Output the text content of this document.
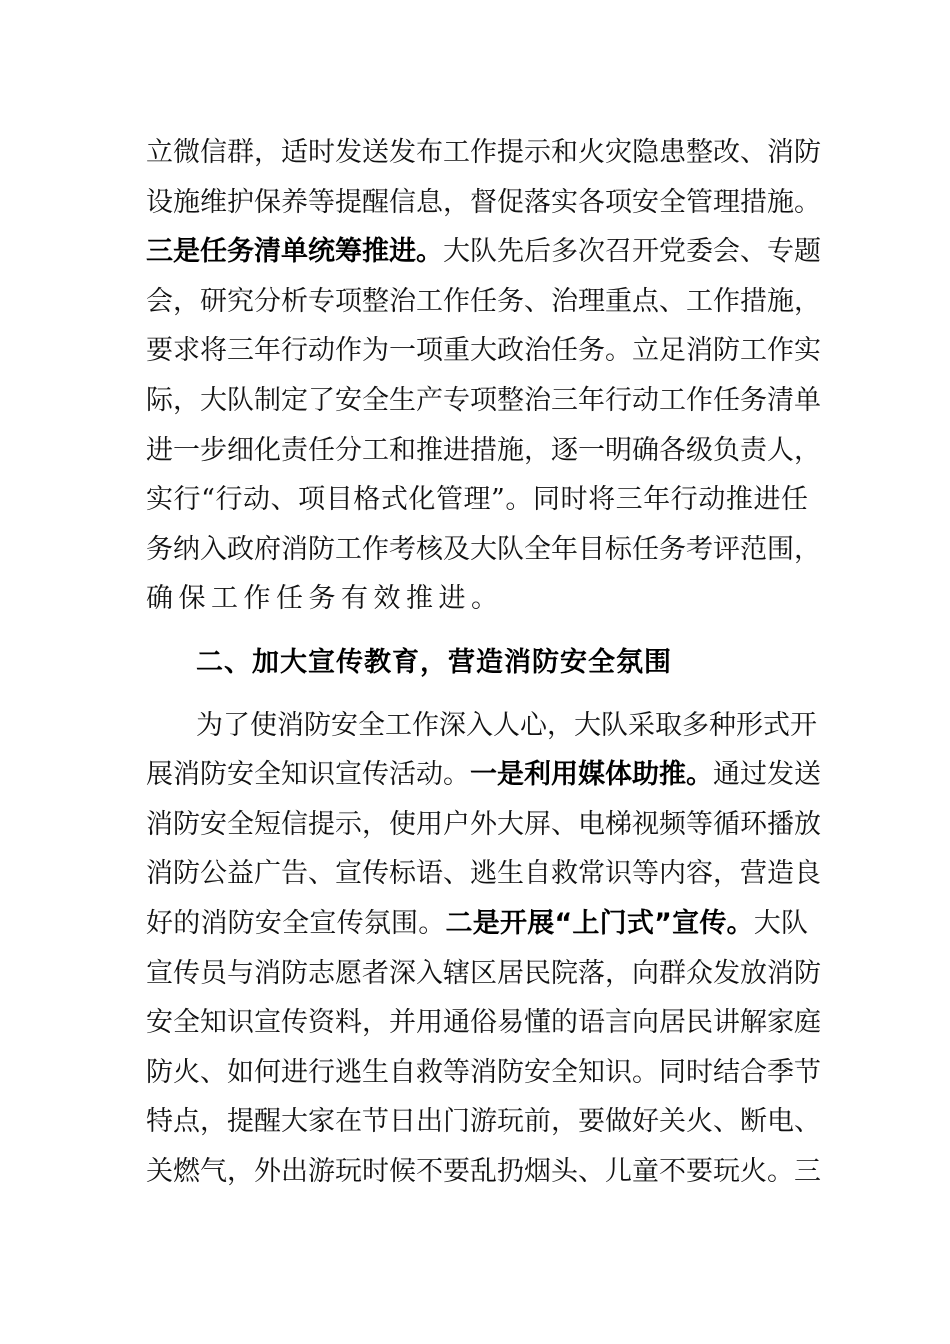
立微信群，适时发送发布工作提示和火灾隐患整改、消防
设施维护保养等提醒信息，督促落实各项安全管理措施。
三是任务清单统筹推进。大队先后多次召开党委会、专题
会，研究分析专项整治工作任务、治理重点、工作措施，
要求将三年行动作为一项重大政治任务。立足消防工作实
际，大队制定了安全生产专项整治三年行动工作任务清单
进一步细化责任分工和推进措施，逐一明确各级负责人，
实行“行动、项目格式化管理”。同时将三年行动推进任
务纳入政府消防工作考核及大队全年目标任务考评范围，
确保工作任务有效推进。
二、加大宣传教育，营造消防安全氛围
为了使消防安全工作深入人心，大队采取多种形式开
展消防安全知识宣传活动。一是利用媒体助推。通过发送
消防安全短信提示，使用户外大屏、电梯视频等循环播放
消防公益广告、宣传标语、逃生自救常识等内容，营造良
好的消防安全宣传氛围。二是开展“上门式”宣传。大队
宣传员与消防志愿者深入辖区居民院落，向群众发放消防
安全知识宣传资料，并用通俗易懂的语言向居民讲解家庭
防火、如何进行逃生自救等消防安全知识。同时结合季节
特点，提醒大家在节日出门游玩前，要做好关火、断电、
关燃气，外出游玩时候不要乱扔烟头、儿童不要玩火。三
